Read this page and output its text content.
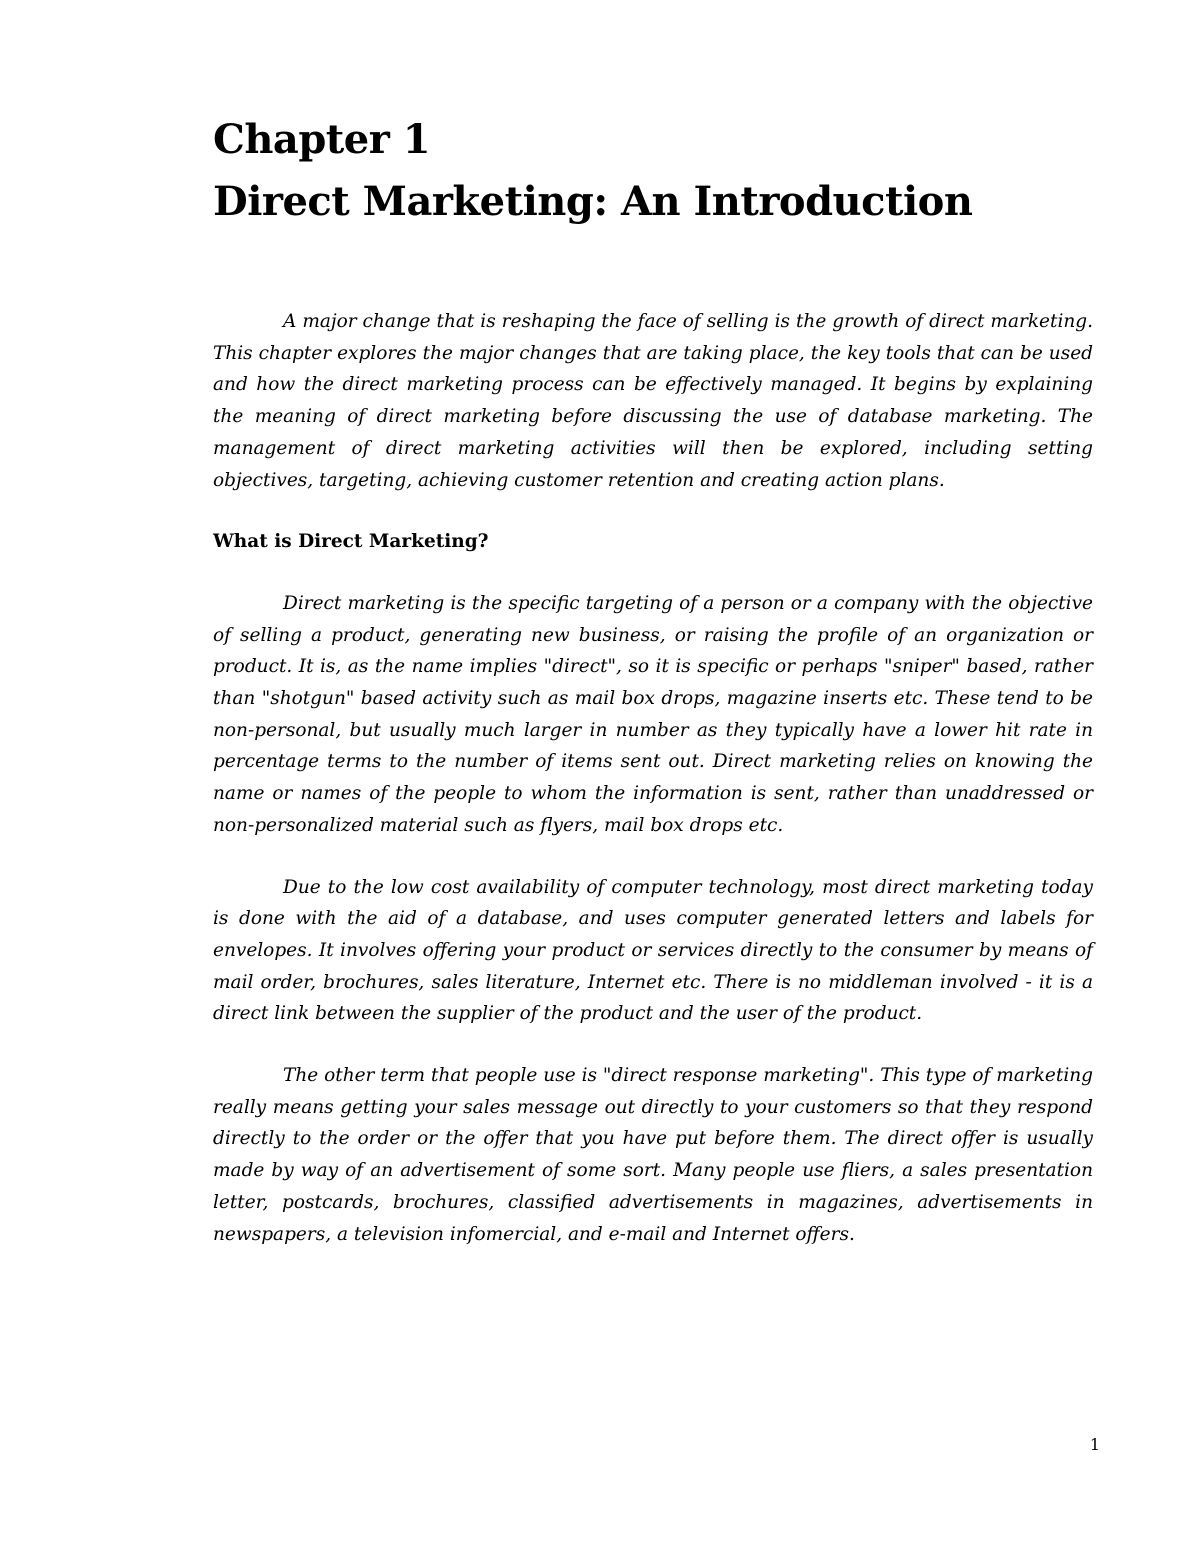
Chapter 1
Direct Marketing: An Introduction

A major change that is reshaping the face of selling is the growth of direct marketing. This chapter explores the major changes that are taking place, the key tools that can be used and how the direct marketing process can be effectively managed. It begins by explaining the meaning of direct marketing before discussing the use of database marketing. The management of direct marketing activities will then be explored, including setting objectives, targeting, achieving customer retention and creating action plans.

What is Direct Marketing?

Direct marketing is the specific targeting of a person or a company with the objective of selling a product, generating new business, or raising the profile of an organization or product. It is, as the name implies "direct", so it is specific or perhaps "sniper" based, rather than "shotgun" based activity such as mail box drops, magazine inserts etc. These tend to be non-personal, but usually much larger in number as they typically have a lower hit rate in percentage terms to the number of items sent out. Direct marketing relies on knowing the name or names of the people to whom the information is sent, rather than unaddressed or non-personalized material such as flyers, mail box drops etc.

Due to the low cost availability of computer technology, most direct marketing today is done with the aid of a database, and uses computer generated letters and labels for envelopes. It involves offering your product or services directly to the consumer by means of mail order, brochures, sales literature, Internet etc. There is no middleman involved - it is a direct link between the supplier of the product and the user of the product.

The other term that people use is "direct response marketing". This type of marketing really means getting your sales message out directly to your customers so that they respond directly to the order or the offer that you have put before them. The direct offer is usually made by way of an advertisement of some sort. Many people use fliers, a sales presentation letter, postcards, brochures, classified advertisements in magazines, advertisements in newspapers, a television infomercial, and e-mail and Internet offers.

1
